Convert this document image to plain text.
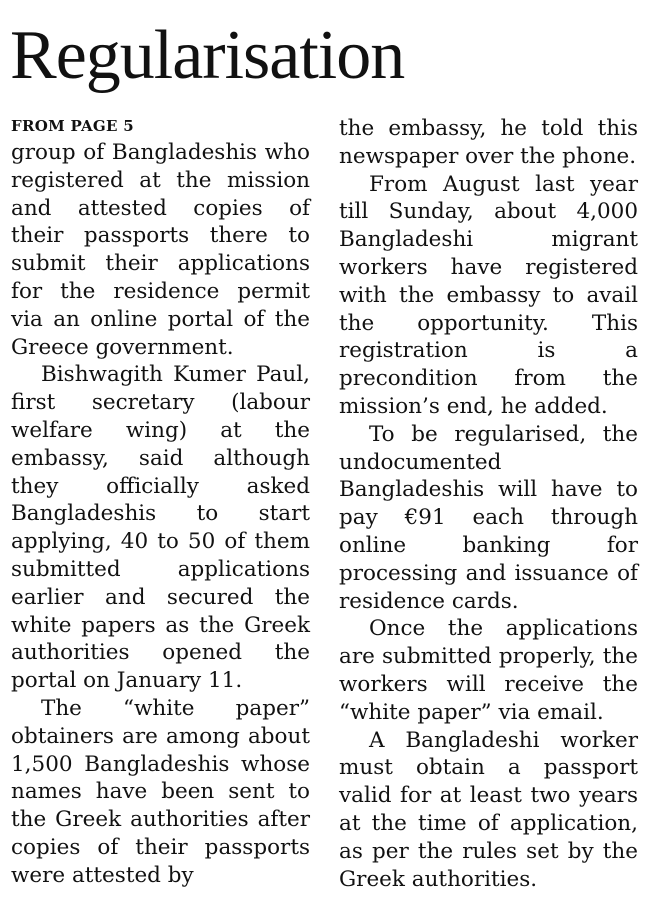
Regularisation
FROM PAGE 5

group of Bangladeshis who registered at the mission and attested copies of their passports there to submit their applications for the residence permit via an online portal of the Greece government.

Bishwagith Kumer Paul, first secretary (labour welfare wing) at the embassy, said although they officially asked Bangladeshis to start applying, 40 to 50 of them submitted applications earlier and secured the white papers as the Greek authorities opened the portal on January 11.

The “white paper” obtainers are among about 1,500 Bangladeshis whose names have been sent to the Greek authorities after copies of their passports were attested by

the embassy, he told this newspaper over the phone.

From August last year till Sunday, about 4,000 Bangladeshi migrant workers have registered with the embassy to avail the opportunity. This registration is a precondition from the mission’s end, he added.

To be regularised, the undocumented Bangladeshis will have to pay €91 each through online banking for processing and issuance of residence cards.

Once the applications are submitted properly, the workers will receive the “white paper” via email.

A Bangladeshi worker must obtain a passport valid for at least two years at the time of application, as per the rules set by the Greek authorities.
